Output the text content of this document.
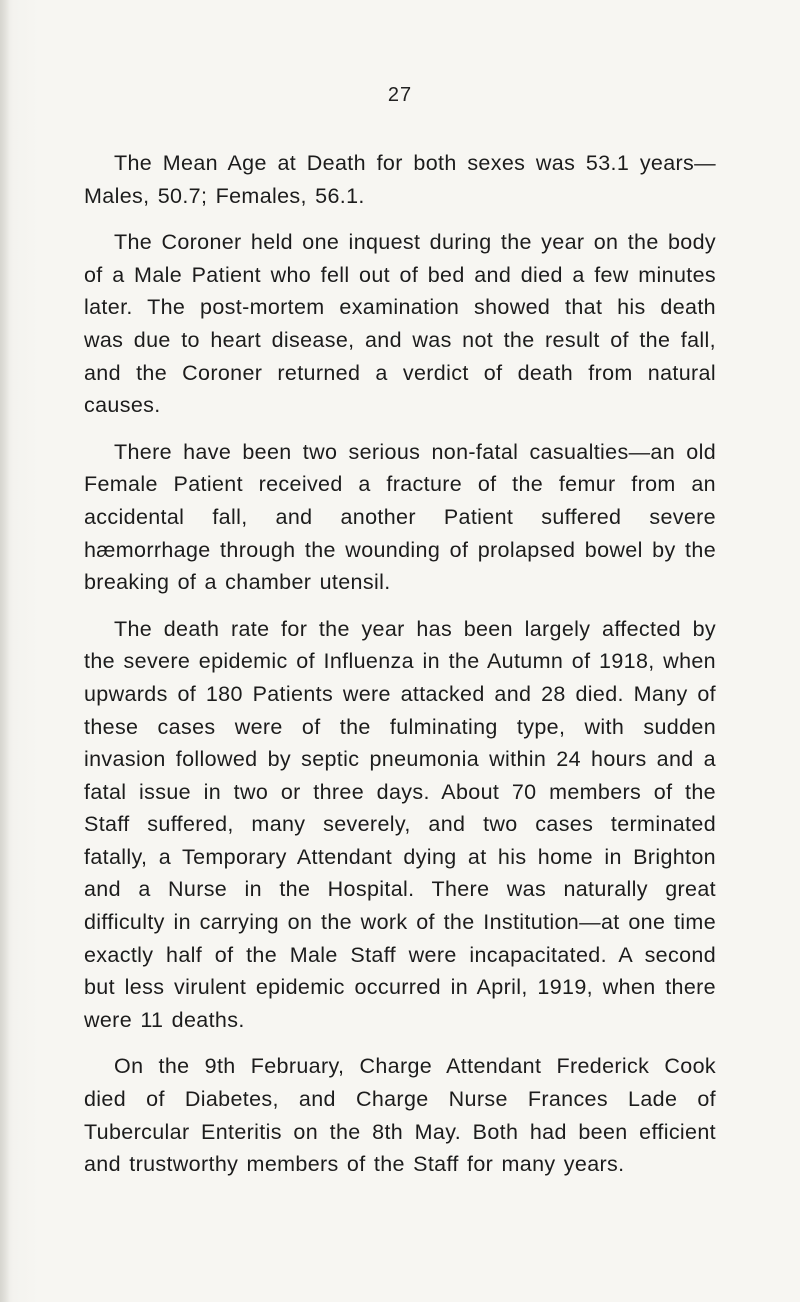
27

The Mean Age at Death for both sexes was 53.1 years—Males, 50.7; Females, 56.1.

The Coroner held one inquest during the year on the body of a Male Patient who fell out of bed and died a few minutes later. The post-mortem examination showed that his death was due to heart disease, and was not the result of the fall, and the Coroner returned a verdict of death from natural causes.

There have been two serious non-fatal casualties—an old Female Patient received a fracture of the femur from an accidental fall, and another Patient suffered severe hæmorrhage through the wounding of prolapsed bowel by the breaking of a chamber utensil.

The death rate for the year has been largely affected by the severe epidemic of Influenza in the Autumn of 1918, when upwards of 180 Patients were attacked and 28 died. Many of these cases were of the fulminating type, with sudden invasion followed by septic pneumonia within 24 hours and a fatal issue in two or three days. About 70 members of the Staff suffered, many severely, and two cases terminated fatally, a Temporary Attendant dying at his home in Brighton and a Nurse in the Hospital. There was naturally great difficulty in carrying on the work of the Institution—at one time exactly half of the Male Staff were incapacitated. A second but less virulent epidemic occurred in April, 1919, when there were 11 deaths.

On the 9th February, Charge Attendant Frederick Cook died of Diabetes, and Charge Nurse Frances Lade of Tubercular Enteritis on the 8th May. Both had been efficient and trustworthy members of the Staff for many years.
